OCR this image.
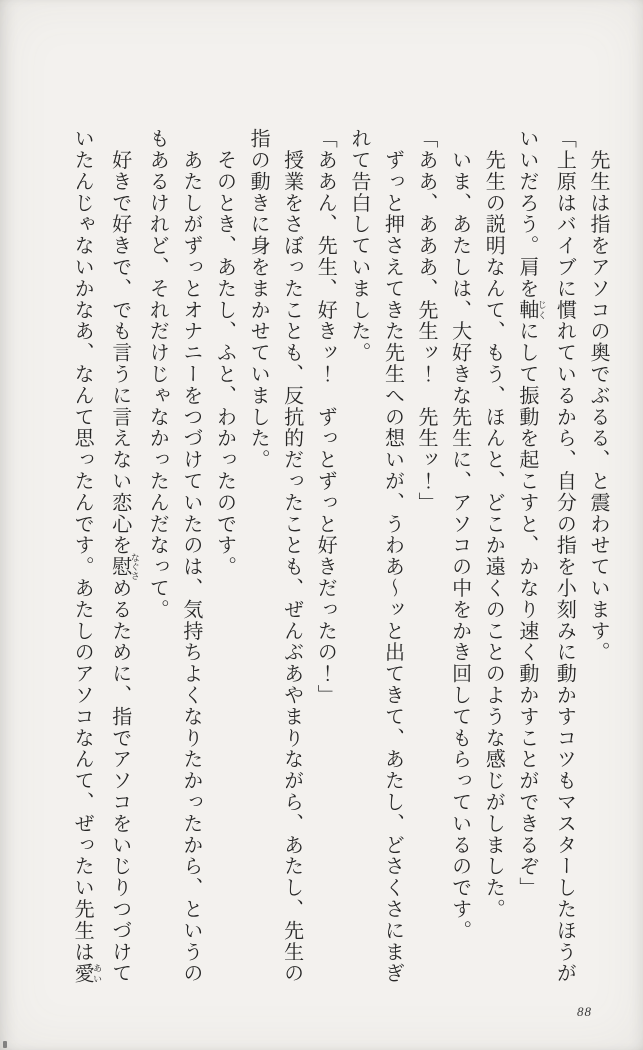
　先生は指をアソコの奥でぶるる、と震わせています。
「上原はバイブに慣れているから、自分の指を小刻みに動かすコツもマスターしたほうが
いいだろう。肩を軸 じくにして振動を起こすと、かなり速く動かすことができるぞ」
　先生の説明なんて、もう、ほんと、どこか遠くのことのような感じがしました。
　いま、あたしは、大好きな先生に、アソコの中をかき回してもらっているのです。
「ああ、あああ、先生ッ！　先生ッ！」
　ずっと押さえてきた先生への想いが、うわあ～ッと出てきて、あたし、どさくさにまぎ
れて告白していました。
「ああん、先生、好きッ！　ずっとずっと好きだったの！」
　授業をさぼったことも、反抗的だったことも、ぜんぶあやまりながら、あたし、先生の
指の動きに身をまかせていました。
　そのとき、あたし、ふと、わかったのです。
　あたしがずっとオナニーをつづけていたのは、気持ちよくなりたかったから、というの
もあるけれど、それだけじゃなかったんだなって。
　好きで好きで、でも言うに言えない恋心を慰 なぐさめるために、指でアソコをいじりつづけて
いたんじゃないかなあ、なんて思ったんです。あたしのアソコなんて、ぜったい先生は愛 あい
88
